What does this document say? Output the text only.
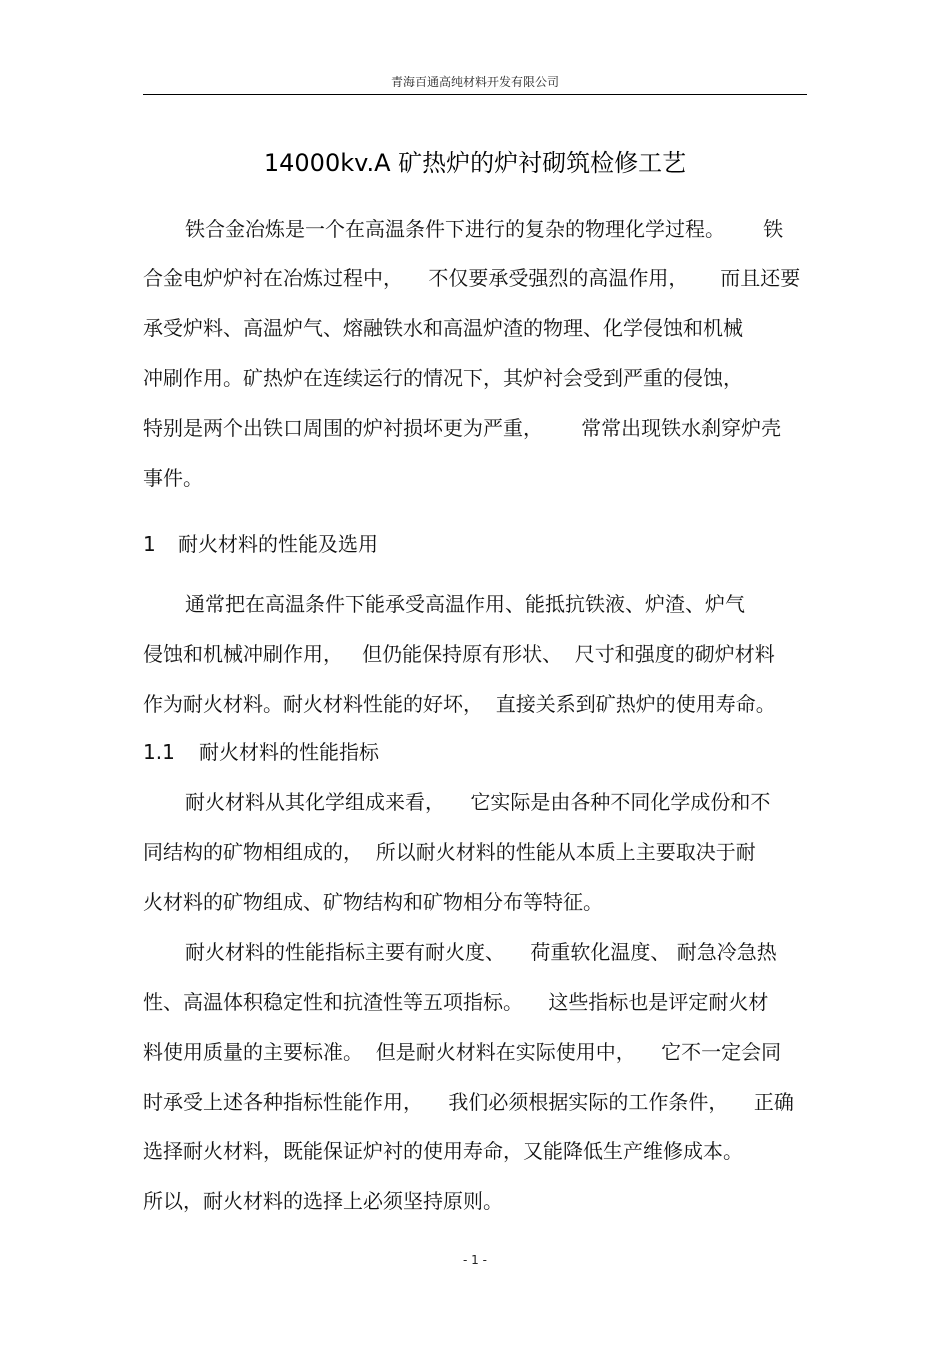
青海百通高纯材料开发有限公司
14000kv.A 矿热炉的炉衬砌筑检修工艺
铁合金冶炼是一个在高温条件下进行的复杂的物理化学过程。      铁
合金电炉炉衬在冶炼过程中，    不仅要承受强烈的高温作用，     而且还要
承受炉料、高温炉气、熔融铁水和高温炉渣的物理、化学侵蚀和机械
冲刷作用。矿热炉在连续运行的情况下，其炉衬会受到严重的侵蚀，
特别是两个出铁口周围的炉衬损坏更为严重，      常常出现铁水刹穿炉壳
事件。
1 耐火材料的性能及选用
通常把在高温条件下能承受高温作用、能抵抗铁液、炉渣、炉气
侵蚀和机械冲刷作用，   但仍能保持原有形状、  尺寸和强度的砌炉材料
作为耐火材料。耐火材料性能的好坏，  直接关系到矿热炉的使用寿命。
1.1 耐火材料的性能指标
耐火材料从其化学组成来看，    它实际是由各种不同化学成份和不
同结构的矿物相组成的，  所以耐火材料的性能从本质上主要取决于耐
火材料的矿物组成、矿物结构和矿物相分布等特征。
耐火材料的性能指标主要有耐火度、    荷重软化温度、 耐急冷急热
性、高温体积稳定性和抗渣性等五项指标。    这些指标也是评定耐火材
料使用质量的主要标准。  但是耐火材料在实际使用中，    它不一定会同
时承受上述各种指标性能作用，    我们必须根据实际的工作条件，    正确
选择耐火材料，既能保证炉衬的使用寿命，又能降低生产维修成本。
所以，耐火材料的选择上必须坚持原则。
- 1 -
